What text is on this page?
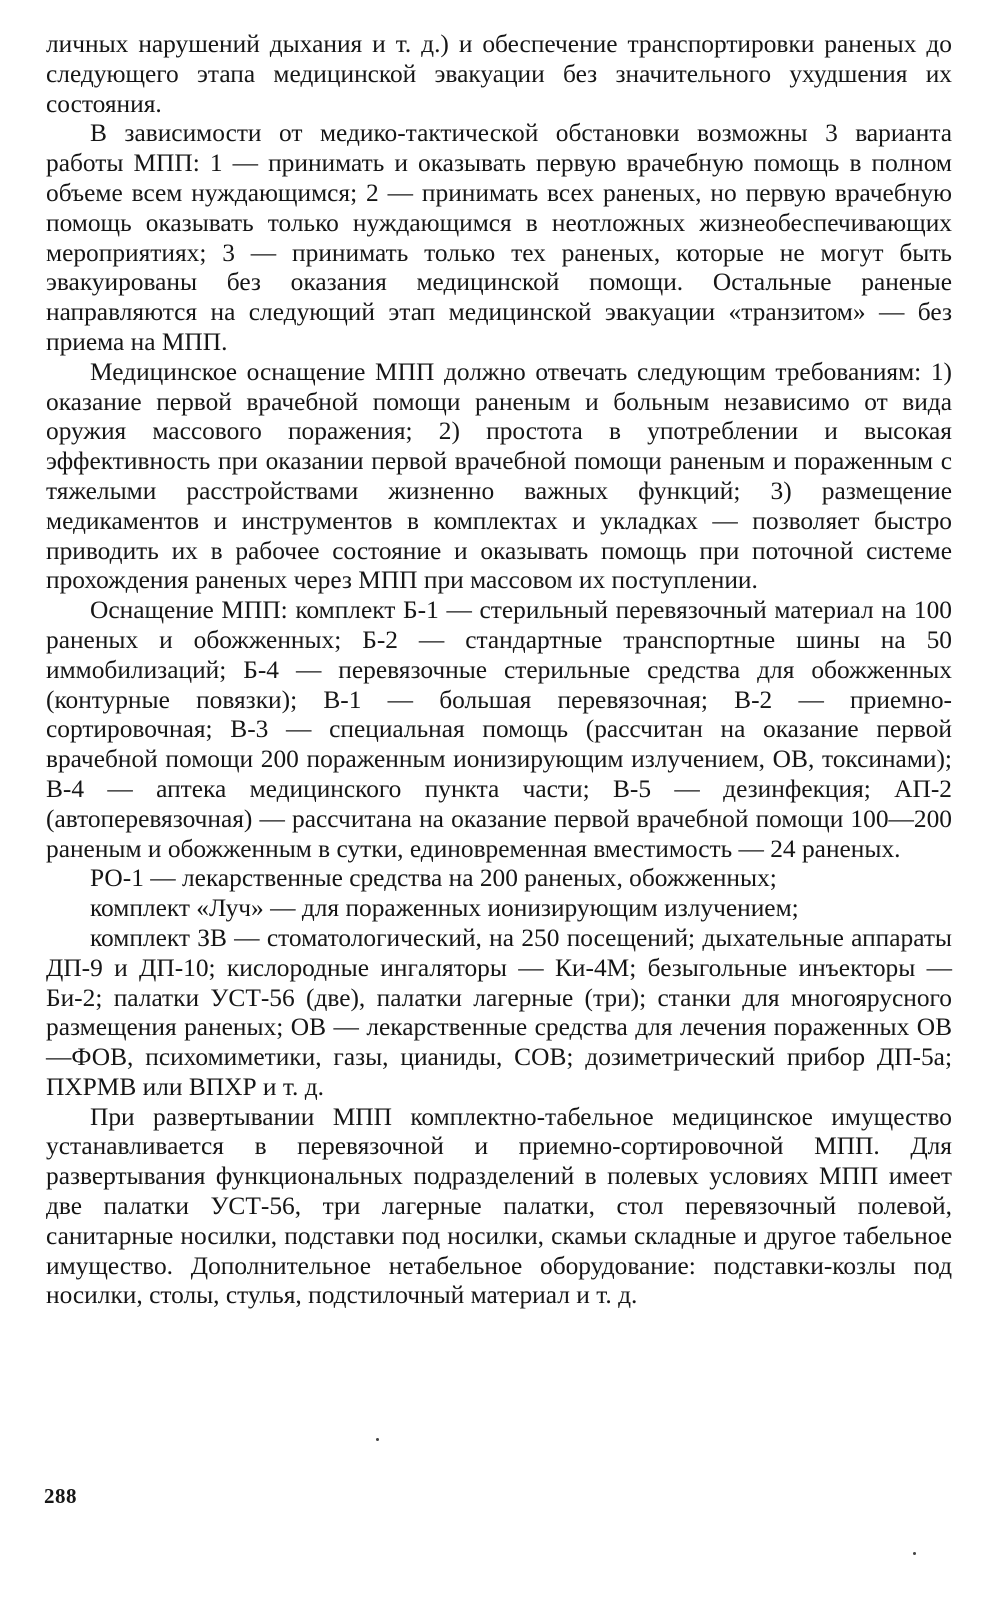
личных нарушений дыхания и т. д.) и обеспечение транспортировки раненых до следующего этапа медицинской эвакуации без значительного ухудшения их состояния.

В зависимости от медико-тактической обстановки возможны 3 варианта работы МПП: 1 — принимать и оказывать первую врачебную помощь в полном объеме всем нуждающимся; 2 — принимать всех раненых, но первую врачебную помощь оказывать только нуждающимся в неотложных жизнеобеспечивающих мероприятиях; 3 — принимать только тех раненых, которые не могут быть эвакуированы без оказания медицинской помощи. Остальные раненые направляются на следующий этап медицинской эвакуации «транзитом» — без приема на МПП.

Медицинское оснащение МПП должно отвечать следующим требованиям: 1) оказание первой врачебной помощи раненым и больным независимо от вида оружия массового поражения; 2) простота в употреблении и высокая эффективность при оказании первой врачебной помощи раненым и пораженным с тяжелыми расстройствами жизненно важных функций; 3) размещение медикаментов и инструментов в комплектах и укладках — позволяет быстро приводить их в рабочее состояние и оказывать помощь при поточной системе прохождения раненых через МПП при массовом их поступлении.

Оснащение МПП: комплект Б-1 — стерильный перевязочный материал на 100 раненых и обожженных; Б-2 — стандартные транспортные шины на 50 иммобилизаций; Б-4 — перевязочные стерильные средства для обожженных (контурные повязки); В-1 — большая перевязочная; В-2 — приемно-сортировочная; В-3 — специальная помощь (рассчитан на оказание первой врачебной помощи 200 пораженным ионизирующим излучением, ОВ, токсинами); В-4 — аптека медицинского пункта части; В-5 — дезинфекция; АП-2 (автоперевязочная) — рассчитана на оказание первой врачебной помощи 100—200 раненым и обожженным в сутки, единовременная вместимость — 24 раненых.

РО-1 — лекарственные средства на 200 раненых, обожженных;

комплект «Луч» — для пораженных ионизирующим излучением;

комплект ЗВ — стоматологический, на 250 посещений; дыхательные аппараты ДП-9 и ДП-10; кислородные ингаляторы — Ки-4М; безыгольные инъекторы — Би-2; палатки УСТ-56 (две), палатки лагерные (три); станки для многоярусного размещения раненых; ОВ — лекарственные средства для лечения пораженных ОВ—ФОВ, психомиметики, газы, цианиды, СОВ; дозиметрический прибор ДП-5а; ПХРМВ или ВПХР и т. д.

При развертывании МПП комплектно-табельное медицинское имущество устанавливается в перевязочной и приемно-сортировочной МПП. Для развертывания функциональных подразделений в полевых условиях МПП имеет две палатки УСТ-56, три лагерные палатки, стол перевязочный полевой, санитарные носилки, подставки под носилки, скамьи складные и другое табельное имущество. Дополнительное нетабельное оборудование: подставки-козлы под носилки, столы, стулья, подстилочный материал и т. д.

288
